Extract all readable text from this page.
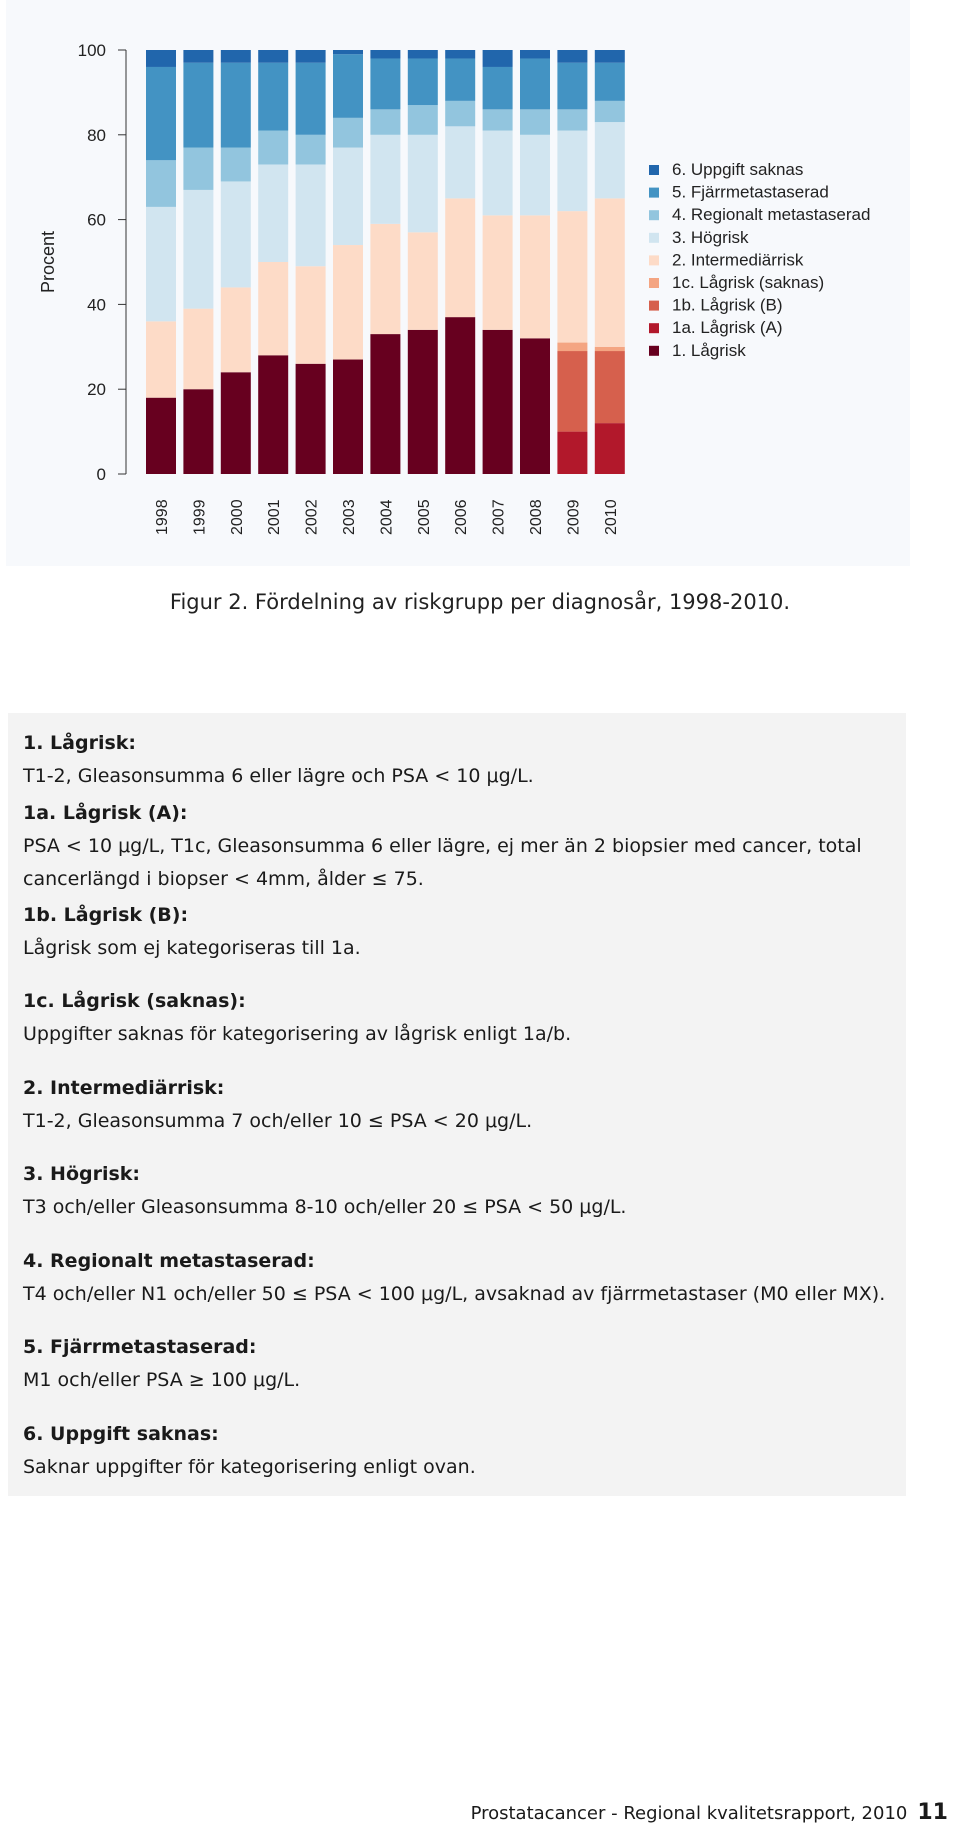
0
20
40
60
80
100
Procent
1998 1999 2000 2001 2002 2003 2004 2005 2006 2007 2008 2009 2010
6. Uppgift saknas
5. Fjärrmetastaserad
4. Regionalt metastaserad
3. Högrisk
2. Intermediärrisk
1c. Lågrisk (saknas)
1b. Lågrisk (B)
1a. Lågrisk (A)
1. Lågrisk
Figur 2. Fördelning av riskgrupp per diagnosår, 1998-2010.
1. Lågrisk:
T1-2, Gleasonsumma 6 eller lägre och PSA < 10 μg/L.
1a. Lågrisk (A):
PSA < 10 μg/L, T1c, Gleasonsumma 6 eller lägre, ej mer än 2 biopsier med cancer, total cancerlängd i biopser < 4mm, ålder ≤ 75.
1b. Lågrisk (B):
Lågrisk som ej kategoriseras till 1a.
1c. Lågrisk (saknas):
Uppgifter saknas för kategorisering av lågrisk enligt 1a/b.
2. Intermediärrisk:
T1-2, Gleasonsumma 7 och/eller 10 ≤ PSA < 20 μg/L.
3. Högrisk:
T3 och/eller Gleasonsumma 8-10 och/eller 20 ≤ PSA < 50 μg/L.
4. Regionalt metastaserad:
T4 och/eller N1 och/eller 50 ≤ PSA < 100 μg/L, avsaknad av fjärrmetastaser (M0 eller MX).
5. Fjärrmetastaserad:
M1 och/eller PSA ≥ 100 μg/L.
6. Uppgift saknas:
Saknar uppgifter för kategorisering enligt ovan.
Prostatacancer - Regional kvalitetsrapport, 2010 11
